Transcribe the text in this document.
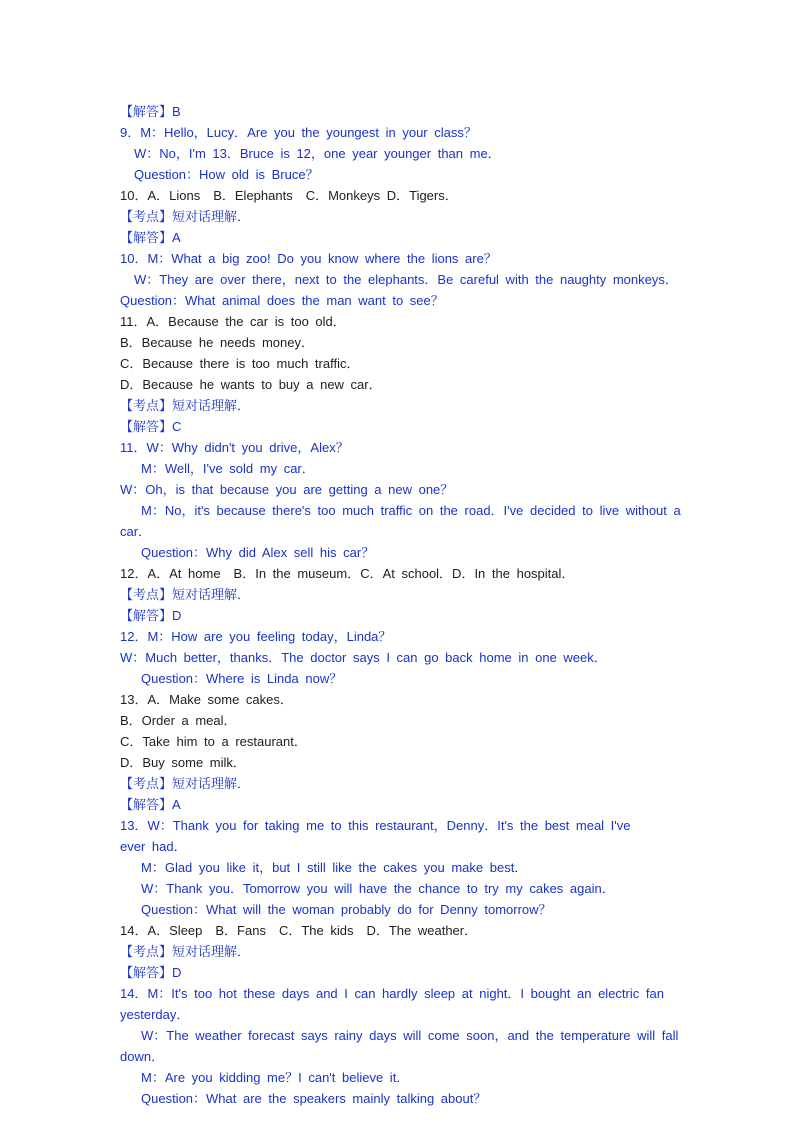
【解答】B
9．M：Hello，Lucy．Are you the youngest in your class？
W：No，I'm 13．Bruce is 12，one year younger than me．
Question：How old is Bruce？
10．A．Lions　B．Elephants　C．Monkeys D．Tigers．
【考点】短对话理解．
【解答】A
10．M：What a big zoo! Do you know where the lions are？
W：They are over there，next to the elephants．Be careful with the naughty monkeys．
Question：What animal does the man want to see？
11．A．Because the car is too old．
B．Because he needs money．
C．Because there is too much traffic．
D．Because he wants to buy a new car．
【考点】短对话理解．
【解答】C
11．W：Why didn't you drive，Alex？
M：Well，I've sold my car．
W：Oh，is that because you are getting a new one？
M：No，it's because there's too much traffic on the road．I've decided to live without a
car．
Question：Why did Alex sell his car？
12．A．At home　B．In the museum．C．At school．D．In the hospital．
【考点】短对话理解．
【解答】D
12．M：How are you feeling today，Linda？
W：Much better，thanks．The doctor says I can go back home in one week．
Question：Where is Linda now？
13．A．Make some cakes．
B．Order a meal．
C．Take him to a restaurant．
D．Buy some milk．
【考点】短对话理解．
【解答】A
13．W：Thank you for taking me to this restaurant，Denny．It's the best meal I've
ever had．
M：Glad you like it，but I still like the cakes you make best．
W：Thank you．Tomorrow you will have the chance to try my cakes again．
Question：What will the woman probably do for Denny tomorrow？
14．A．Sleep　B．Fans　C．The kids　D．The weather．
【考点】短对话理解．
【解答】D
14．M：It's too hot these days and I can hardly sleep at night．I bought an electric fan
yesterday．
W：The weather forecast says rainy days will come soon，and the temperature will fall
down．
M：Are you kidding me？I can't believe it．
Question：What are the speakers mainly talking about？
